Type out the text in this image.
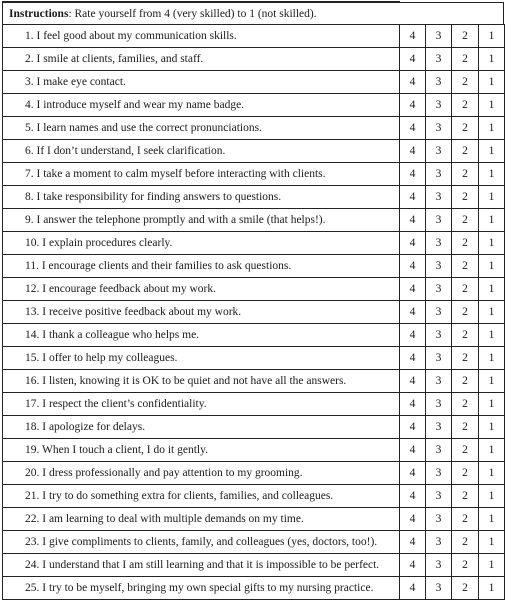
Instructions: Rate yourself from 4 (very skilled) to 1 (not skilled).
1. I feel good about my communication skills.	4	3	2	1
2. I smile at clients, families, and staff.	4	3	2	1
3. I make eye contact.	4	3	2	1
4. I introduce myself and wear my name badge.	4	3	2	1
5. I learn names and use the correct pronunciations.	4	3	2	1
6. If I don’t understand, I seek clarification.	4	3	2	1
7. I take a moment to calm myself before interacting with clients.	4	3	2	1
8. I take responsibility for finding answers to questions.	4	3	2	1
9. I answer the telephone promptly and with a smile (that helps!).	4	3	2	1
10. I explain procedures clearly.	4	3	2	1
11. I encourage clients and their families to ask questions.	4	3	2	1
12. I encourage feedback about my work.	4	3	2	1
13. I receive positive feedback about my work.	4	3	2	1
14. I thank a colleague who helps me.	4	3	2	1
15. I offer to help my colleagues.	4	3	2	1
16. I listen, knowing it is OK to be quiet and not have all the answers.	4	3	2	1
17. I respect the client’s confidentiality.	4	3	2	1
18. I apologize for delays.	4	3	2	1
19. When I touch a client, I do it gently.	4	3	2	1
20. I dress professionally and pay attention to my grooming.	4	3	2	1
21. I try to do something extra for clients, families, and colleagues.	4	3	2	1
22. I am learning to deal with multiple demands on my time.	4	3	2	1
23. I give compliments to clients, family, and colleagues (yes, doctors, too!).	4	3	2	1
24. I understand that I am still learning and that it is impossible to be perfect.	4	3	2	1
25. I try to be myself, bringing my own special gifts to my nursing practice.	4	3	2	1
